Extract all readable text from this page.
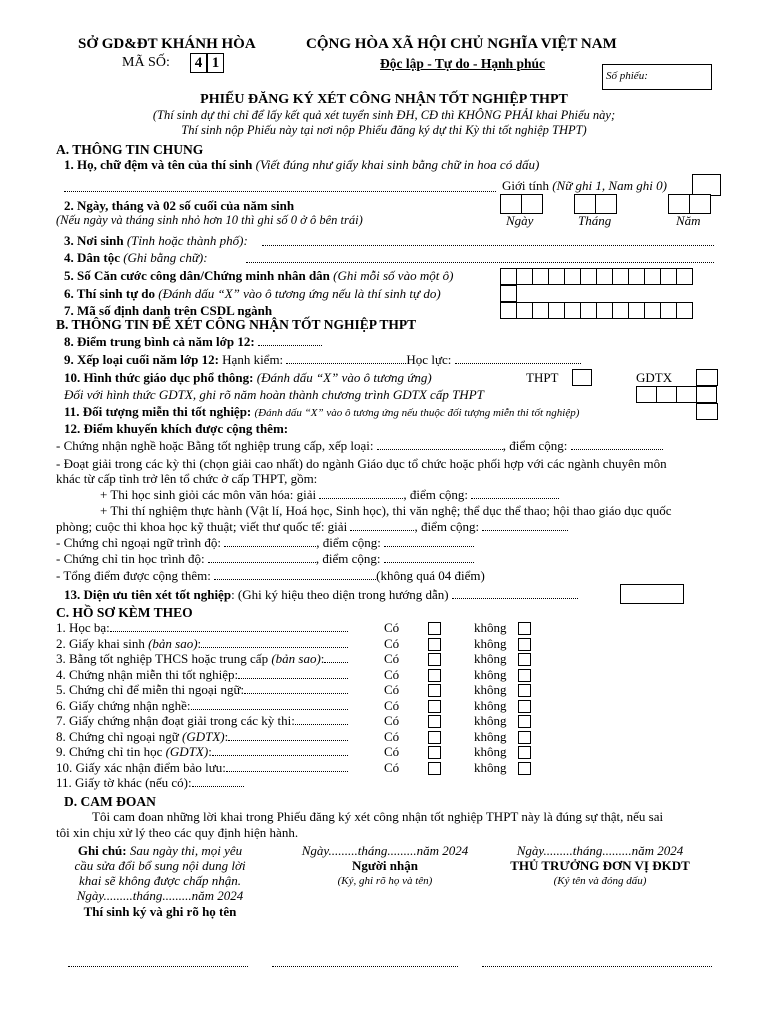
SỞ GD&ĐT KHÁNH HÒA
MÃ SỐ:	4 1
CỘNG HÒA XÃ HỘI CHỦ NGHĨA VIỆT NAM
Độc lập - Tự do - Hạnh phúc
Số phiếu:
PHIẾU ĐĂNG KÝ XÉT CÔNG NHẬN TỐT NGHIỆP THPT
(Thí sinh dự thi chỉ để lấy kết quả xét tuyển sinh ĐH, CĐ thì KHÔNG PHẢI khai Phiếu này;
Thí sinh nộp Phiếu này tại nơi nộp Phiếu đăng ký dự thi Kỳ thi tốt nghiệp THPT)
A. THÔNG TIN CHUNG
1. Họ, chữ đệm và tên của thí sinh (Viết đúng như giấy khai sinh bằng chữ in hoa có dấu)
Giới tính (Nữ ghi 1, Nam ghi 0)
2. Ngày, tháng và 02 số cuối của năm sinh
(Nếu ngày và tháng sinh nhỏ hơn 10 thì ghi số 0 ở ô bên trái)	Ngày	Tháng	Năm
3. Nơi sinh (Tỉnh hoặc thành phố):
4. Dân tộc (Ghi bằng chữ):
5. Số Căn cước công dân/Chứng minh nhân dân (Ghi mỗi số vào một ô)
6. Thí sinh tự do (Đánh dấu “X” vào ô tương ứng nếu là thí sinh tự do)
7. Mã số định danh trên CSDL ngành
B. THÔNG TIN ĐỂ XÉT CÔNG NHẬN TỐT NGHIỆP THPT
8. Điểm trung bình cả năm lớp 12:
9. Xếp loại cuối năm lớp 12: Hạnh kiểm:	Học lực:
10. Hình thức giáo dục phổ thông: (Đánh dấu “X” vào ô tương ứng)	THPT	GDTX
Đối với hình thức GDTX, ghi rõ năm hoàn thành chương trình GDTX cấp THPT
11. Đối tượng miễn thi tốt nghiệp: (Đánh dấu “X” vào ô tương ứng nếu thuộc đối tượng miễn thi tốt nghiệp)
12. Điểm khuyến khích được cộng thêm:
- Chứng nhận nghề hoặc Bằng tốt nghiệp trung cấp, xếp loại:	, điểm cộng:
- Đoạt giải trong các kỳ thi (chọn giải cao nhất) do ngành Giáo dục tổ chức hoặc phối hợp với các ngành chuyên môn
khác từ cấp tỉnh trở lên tổ chức ở cấp THPT, gồm:
+ Thi học sinh giỏi các môn văn hóa: giải	, điểm cộng:
+ Thi thí nghiệm thực hành (Vật lí, Hoá học, Sinh học), thi văn nghệ; thể dục thể thao; hội thao giáo dục quốc
phòng; cuộc thi khoa học kỹ thuật; viết thư quốc tế: giải	, điểm cộng:
- Chứng chỉ ngoại ngữ trình độ:	, điểm cộng:
- Chứng chỉ tin học trình độ:	, điểm cộng:
- Tổng điểm được cộng thêm:	(không quá 04 điểm)
13. Diện ưu tiên xét tốt nghiệp: (Ghi ký hiệu theo diện trong hướng dẫn)
C. HỒ SƠ KÈM THEO
1. Học bạ:	Có	không
2. Giấy khai sinh (bản sao):	Có	không
3. Bằng tốt nghiệp THCS hoặc trung cấp (bản sao):	Có	không
4. Chứng nhận miễn thi tốt nghiệp:	Có	không
5. Chứng chỉ để miễn thi ngoại ngữ:	Có	không
6. Giấy chứng nhận nghề:	Có	không
7. Giấy chứng nhận đoạt giải trong các kỳ thi:	Có	không
8. Chứng chỉ ngoại ngữ (GDTX):	Có	không
9. Chứng chỉ tin học (GDTX):	Có	không
10. Giấy xác nhận điểm bảo lưu:	Có	không
11. Giấy tờ khác (nếu có):
D. CAM ĐOAN
Tôi cam đoan những lời khai trong Phiếu đăng ký xét công nhận tốt nghiệp THPT này là đúng sự thật, nếu sai
tôi xin chịu xử lý theo các quy định hiện hành.
Ghi chú: Sau ngày thi, mọi yêu
cầu sửa đổi bổ sung nội dung lời
khai sẽ không được chấp nhận.
Ngày.........tháng.........năm 2024
Thí sinh ký và ghi rõ họ tên
Ngày.........tháng.........năm 2024
Người nhận
(Ký, ghi rõ họ và tên)
Ngày.........tháng.........năm 2024
THỦ TRƯỞNG ĐƠN VỊ ĐKDT
(Ký tên và đóng dấu)
